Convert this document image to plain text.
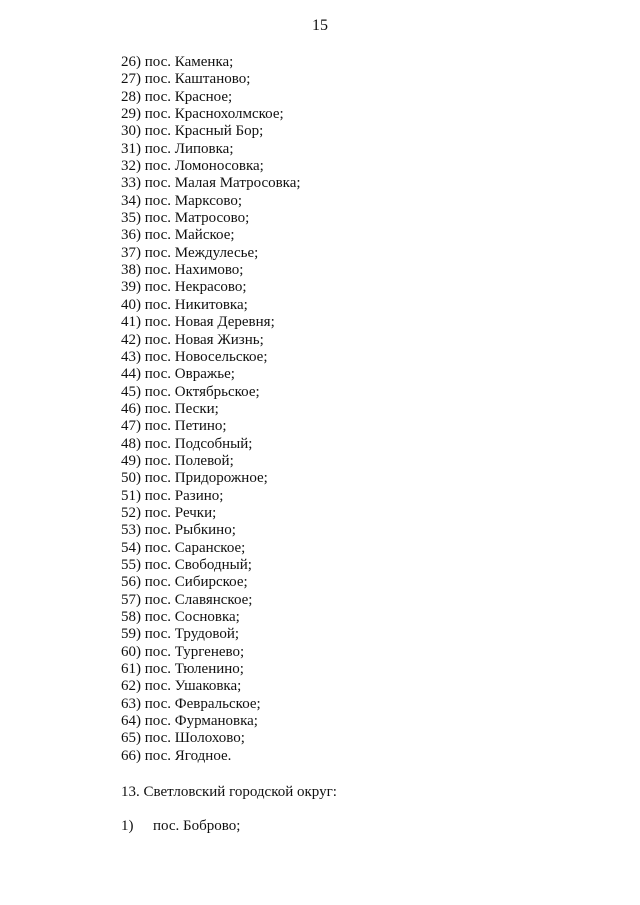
15
26) пос. Каменка;
27) пос. Каштаново;
28) пос. Красное;
29) пос. Краснохолмское;
30) пос. Красный Бор;
31) пос. Липовка;
32) пос. Ломоносовка;
33) пос. Малая Матросовка;
34) пос. Марксово;
35) пос. Матросово;
36) пос. Майское;
37) пос. Междулесье;
38) пос. Нахимово;
39) пос. Некрасово;
40) пос. Никитовка;
41) пос. Новая Деревня;
42) пос. Новая Жизнь;
43) пос. Новосельское;
44) пос. Овражье;
45) пос. Октябрьское;
46) пос. Пески;
47) пос. Петино;
48) пос. Подсобный;
49) пос. Полевой;
50) пос. Придорожное;
51) пос. Разино;
52) пос. Речки;
53) пос. Рыбкино;
54) пос. Саранское;
55) пос. Свободный;
56) пос. Сибирское;
57) пос. Славянское;
58) пос. Сосновка;
59) пос. Трудовой;
60) пос. Тургенево;
61) пос. Тюленино;
62) пос. Ушаковка;
63) пос. Февральское;
64) пос. Фурмановка;
65) пос. Шолохово;
66) пос. Ягодное.
13. Светловский городской округ:
1) пос. Боброво;
